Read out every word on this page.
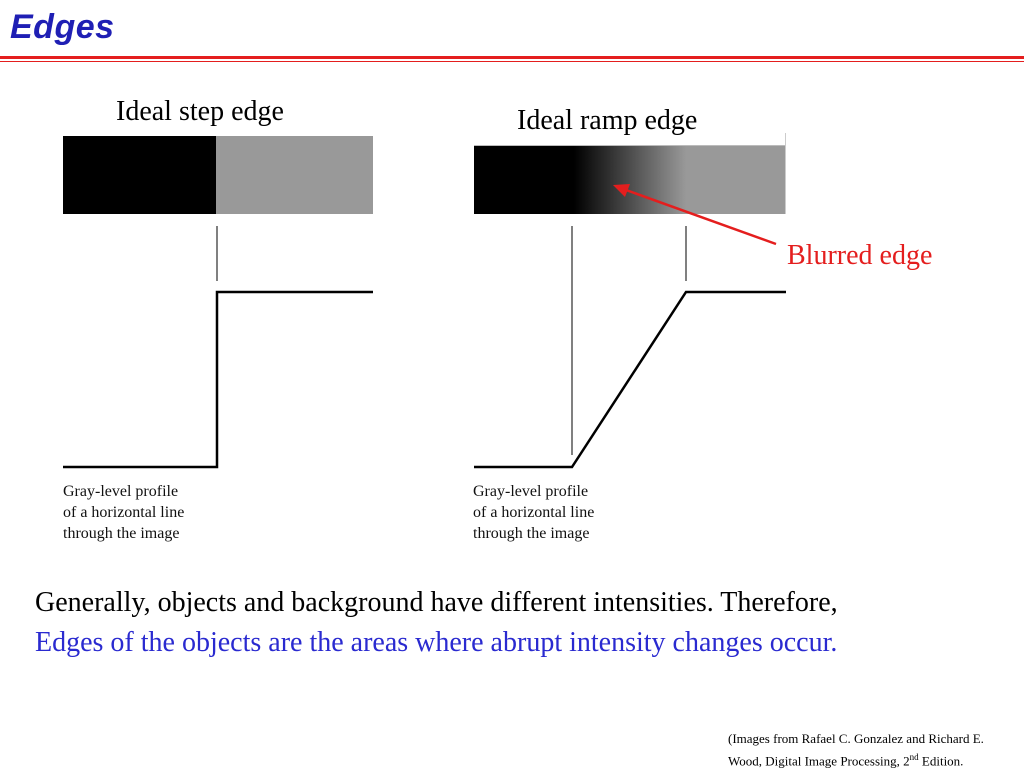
Edges
Ideal step edge	Ideal ramp edge
Blurred edge
Gray-level profile
of a horizontal line
through the image
Gray-level profile
of a horizontal line
through the image
Generally, objects and background have different intensities. Therefore,
Edges of the objects are the areas where abrupt intensity changes occur.
(Images from Rafael C. Gonzalez and Richard E.
Wood, Digital Image Processing, 2nd Edition.
